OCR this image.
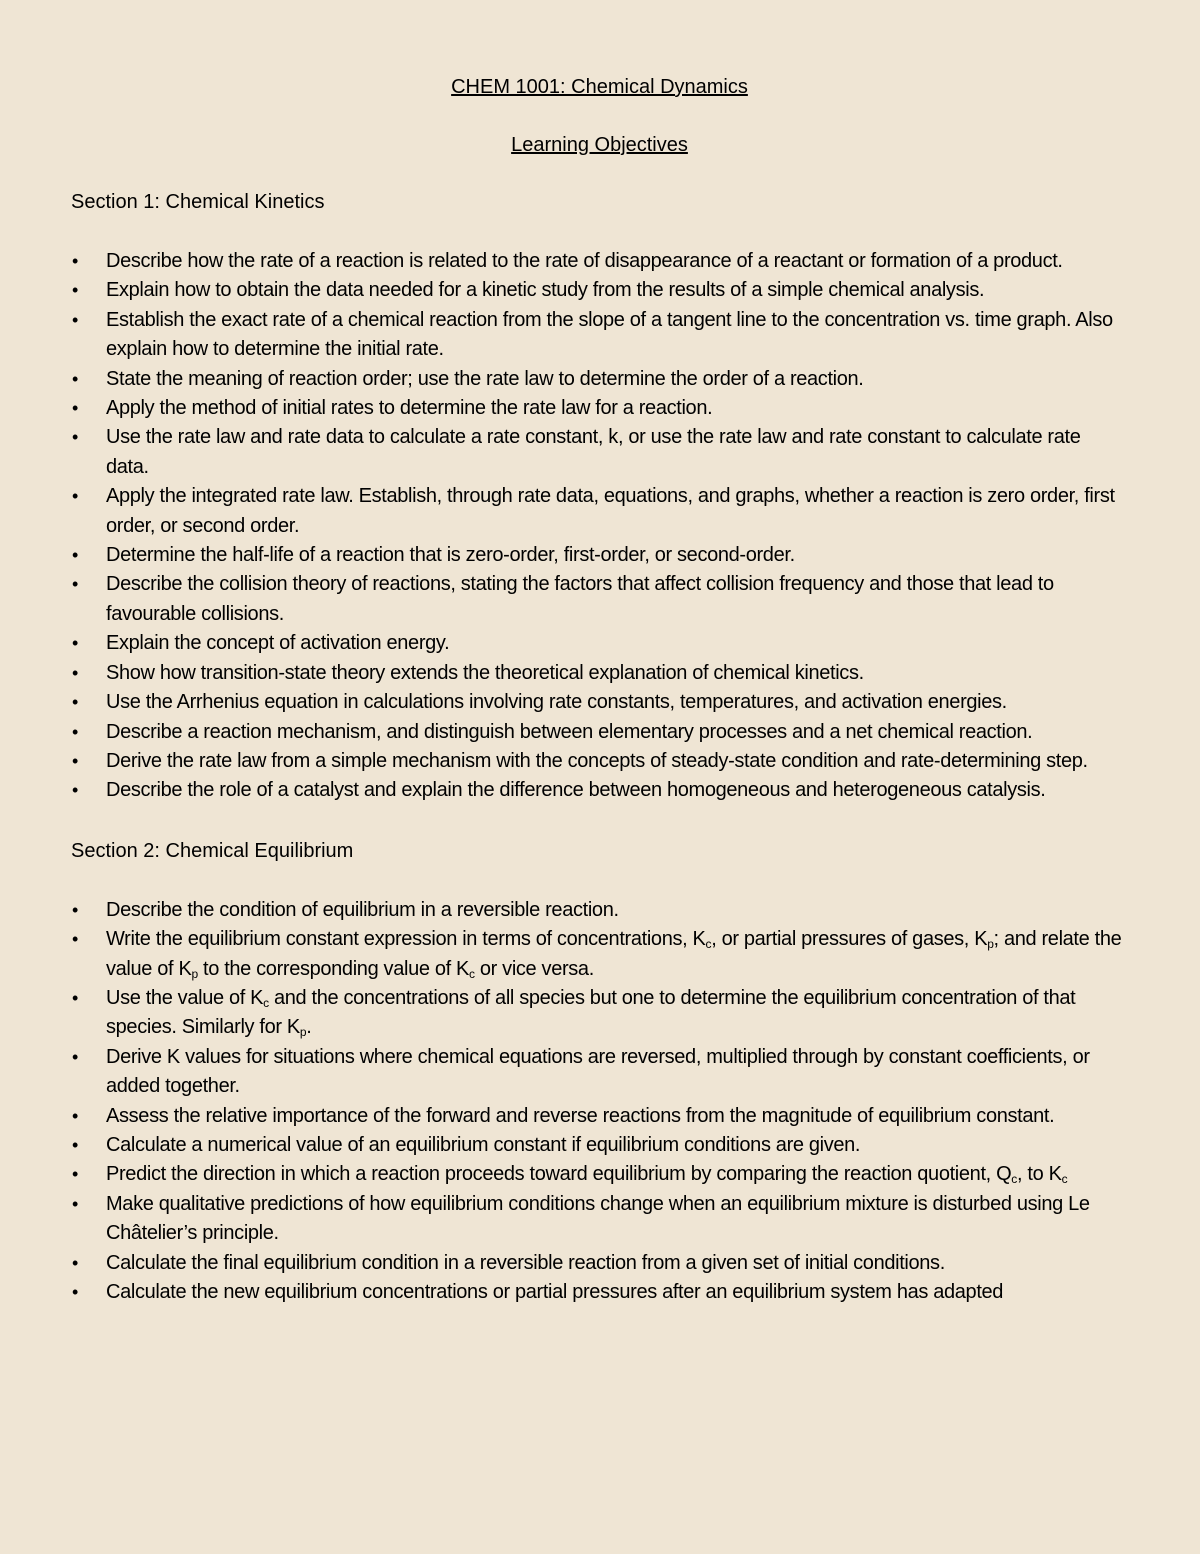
CHEM 1001: Chemical Dynamics
Learning Objectives
Section 1: Chemical Kinetics
•	Describe how the rate of a reaction is related to the rate of disappearance of a reactant or formation of a product.
•	Explain how to obtain the data needed for a kinetic study from the results of a simple chemical analysis.
•	Establish the exact rate of a chemical reaction from the slope of a tangent line to the concentration vs. time graph. Also explain how to determine the initial rate.
•	State the meaning of reaction order; use the rate law to determine the order of a reaction.
•	Apply the method of initial rates to determine the rate law for a reaction.
•	Use the rate law and rate data to calculate a rate constant, k, or use the rate law and rate constant to calculate rate data.
•	Apply the integrated rate law. Establish, through rate data, equations, and graphs, whether a reaction is zero order, first order, or second order.
•	Determine the half-life of a reaction that is zero-order, first-order, or second-order.
•	Describe the collision theory of reactions, stating the factors that affect collision frequency and those that lead to favourable collisions.
•	Explain the concept of activation energy.
•	Show how transition-state theory extends the theoretical explanation of chemical kinetics.
•	Use the Arrhenius equation in calculations involving rate constants, temperatures, and activation energies.
•	Describe a reaction mechanism, and distinguish between elementary processes and a net chemical reaction.
•	Derive the rate law from a simple mechanism with the concepts of steady-state condition and rate-determining step.
•	Describe the role of a catalyst and explain the difference between homogeneous and heterogeneous catalysis.
Section 2: Chemical Equilibrium
•	Describe the condition of equilibrium in a reversible reaction.
•	Write the equilibrium constant expression in terms of concentrations, $K_c$, or partial pressures of gases, $K_p$; and relate the value of $K_p$ to the corresponding value of $K_c$ or vice versa.
•	Use the value of $K_c$ and the concentrations of all species but one to determine the equilibrium concentration of that species. Similarly for $K_p$.
•	Derive K values for situations where chemical equations are reversed, multiplied through by constant coefficients, or added together.
•	Assess the relative importance of the forward and reverse reactions from the magnitude of equilibrium constant.
•	Calculate a numerical value of an equilibrium constant if equilibrium conditions are given.
•	Predict the direction in which a reaction proceeds toward equilibrium by comparing the reaction quotient, $Q_c$, to $K_c$
•	Make qualitative predictions of how equilibrium conditions change when an equilibrium mixture is disturbed using Le Châtelier’s principle.
•	Calculate the final equilibrium condition in a reversible reaction from a given set of initial conditions.
•	Calculate the new equilibrium concentrations or partial pressures after an equilibrium system has adapted
